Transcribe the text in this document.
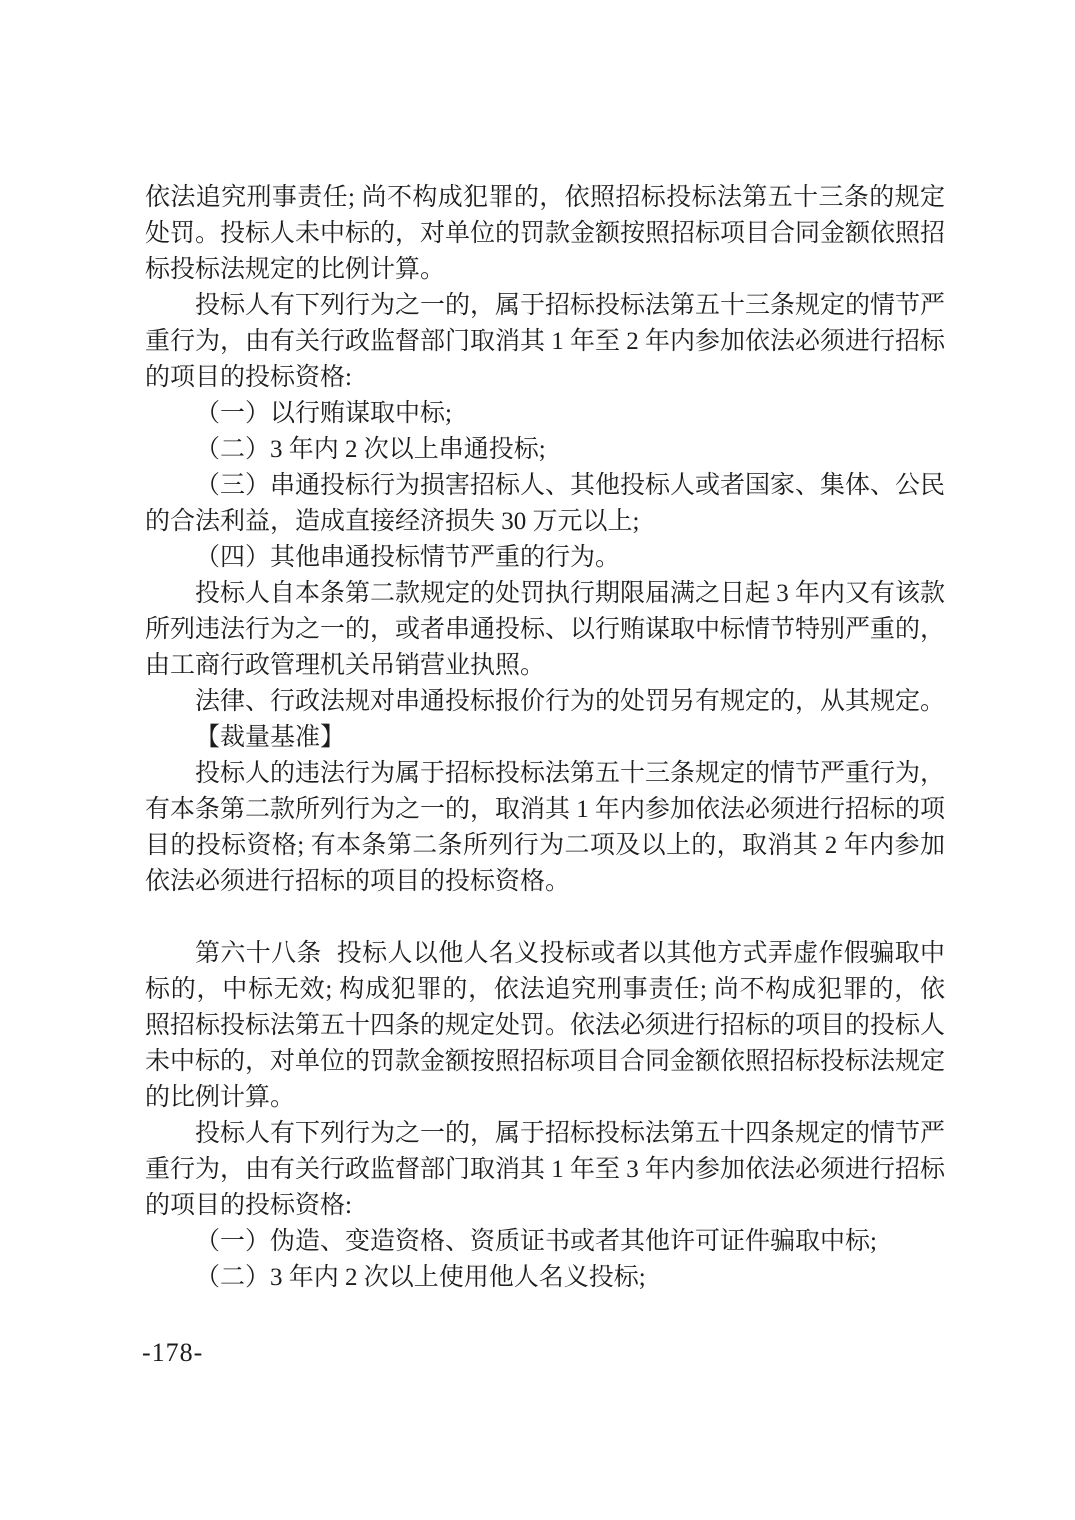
依法追究刑事责任; 尚不构成犯罪的，依照招标投标法第五十三条的规定处罚。投标人未中标的，对单位的罚款金额按照招标项目合同金额依照招标投标法规定的比例计算。

投标人有下列行为之一的，属于招标投标法第五十三条规定的情节严重行为，由有关行政监督部门取消其 1 年至 2 年内参加依法必须进行招标的项目的投标资格:

（一）以行贿谋取中标;

（二）3 年内 2 次以上串通投标;

（三）串通投标行为损害招标人、其他投标人或者国家、集体、公民的合法利益，造成直接经济损失 30 万元以上;

（四）其他串通投标情节严重的行为。

投标人自本条第二款规定的处罚执行期限届满之日起 3 年内又有该款所列违法行为之一的，或者串通投标、以行贿谋取中标情节特别严重的，由工商行政管理机关吊销营业执照。

法律、行政法规对串通投标报价行为的处罚另有规定的，从其规定。

【裁量基准】

投标人的违法行为属于招标投标法第五十三条规定的情节严重行为，有本条第二款所列行为之一的，取消其 1 年内参加依法必须进行招标的项目的投标资格; 有本条第二条所列行为二项及以上的，取消其 2 年内参加依法必须进行招标的项目的投标资格。

第六十八条 投标人以他人名义投标或者以其他方式弄虚作假骗取中标的，中标无效; 构成犯罪的，依法追究刑事责任; 尚不构成犯罪的，依照招标投标法第五十四条的规定处罚。依法必须进行招标的项目的投标人未中标的，对单位的罚款金额按照招标项目合同金额依照招标投标法规定的比例计算。

投标人有下列行为之一的，属于招标投标法第五十四条规定的情节严重行为，由有关行政监督部门取消其 1 年至 3 年内参加依法必须进行招标的项目的投标资格:

（一）伪造、变造资格、资质证书或者其他许可证件骗取中标;

（二）3 年内 2 次以上使用他人名义投标;

-178-
